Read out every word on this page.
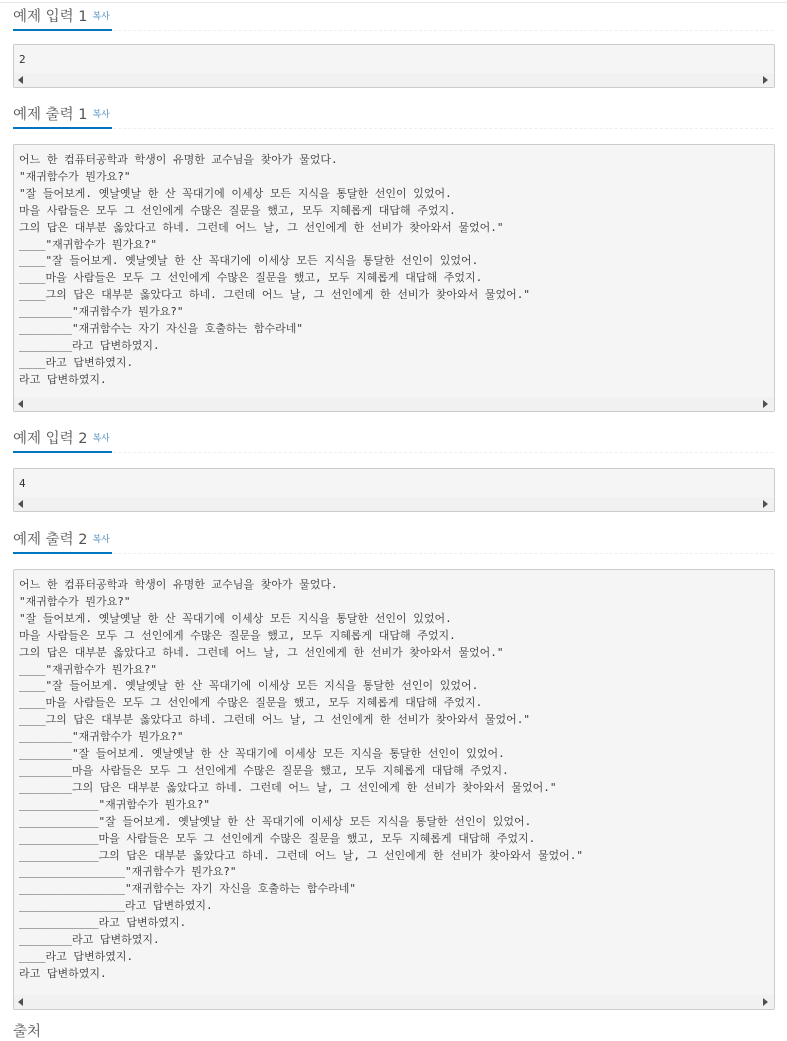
예제 입력 1 복사
2
예제 출력 1 복사
어느 한 컴퓨터공학과 학생이 유명한 교수님을 찾아가 물었다.
"재귀함수가 뭔가요?"
"잘 들어보게. 옛날옛날 한 산 꼭대기에 이세상 모든 지식을 통달한 선인이 있었어.
마을 사람들은 모두 그 선인에게 수많은 질문을 했고, 모두 지혜롭게 대답해 주었지.
그의 답은 대부분 옳았다고 하네. 그런데 어느 날, 그 선인에게 한 선비가 찾아와서 물었어."
____"재귀함수가 뭔가요?"
____"잘 들어보게. 옛날옛날 한 산 꼭대기에 이세상 모든 지식을 통달한 선인이 있었어.
____마을 사람들은 모두 그 선인에게 수많은 질문을 했고, 모두 지혜롭게 대답해 주었지.
____그의 답은 대부분 옳았다고 하네. 그런데 어느 날, 그 선인에게 한 선비가 찾아와서 물었어."
________"재귀함수가 뭔가요?"
________"재귀함수는 자기 자신을 호출하는 함수라네"
________라고 답변하였지.
____라고 답변하였지.
라고 답변하였지.
예제 입력 2 복사
4
예제 출력 2 복사
어느 한 컴퓨터공학과 학생이 유명한 교수님을 찾아가 물었다.
"재귀함수가 뭔가요?"
"잘 들어보게. 옛날옛날 한 산 꼭대기에 이세상 모든 지식을 통달한 선인이 있었어.
마을 사람들은 모두 그 선인에게 수많은 질문을 했고, 모두 지혜롭게 대답해 주었지.
그의 답은 대부분 옳았다고 하네. 그런데 어느 날, 그 선인에게 한 선비가 찾아와서 물었어."
____"재귀함수가 뭔가요?"
____"잘 들어보게. 옛날옛날 한 산 꼭대기에 이세상 모든 지식을 통달한 선인이 있었어.
____마을 사람들은 모두 그 선인에게 수많은 질문을 했고, 모두 지혜롭게 대답해 주었지.
____그의 답은 대부분 옳았다고 하네. 그런데 어느 날, 그 선인에게 한 선비가 찾아와서 물었어."
________"재귀함수가 뭔가요?"
________"잘 들어보게. 옛날옛날 한 산 꼭대기에 이세상 모든 지식을 통달한 선인이 있었어.
________마을 사람들은 모두 그 선인에게 수많은 질문을 했고, 모두 지혜롭게 대답해 주었지.
________그의 답은 대부분 옳았다고 하네. 그런데 어느 날, 그 선인에게 한 선비가 찾아와서 물었어."
____________"재귀함수가 뭔가요?"
____________"잘 들어보게. 옛날옛날 한 산 꼭대기에 이세상 모든 지식을 통달한 선인이 있었어.
____________마을 사람들은 모두 그 선인에게 수많은 질문을 했고, 모두 지혜롭게 대답해 주었지.
____________그의 답은 대부분 옳았다고 하네. 그런데 어느 날, 그 선인에게 한 선비가 찾아와서 물었어."
________________"재귀함수가 뭔가요?"
________________"재귀함수는 자기 자신을 호출하는 함수라네"
________________라고 답변하였지.
____________라고 답변하였지.
________라고 답변하였지.
____라고 답변하였지.
라고 답변하였지.
출처
